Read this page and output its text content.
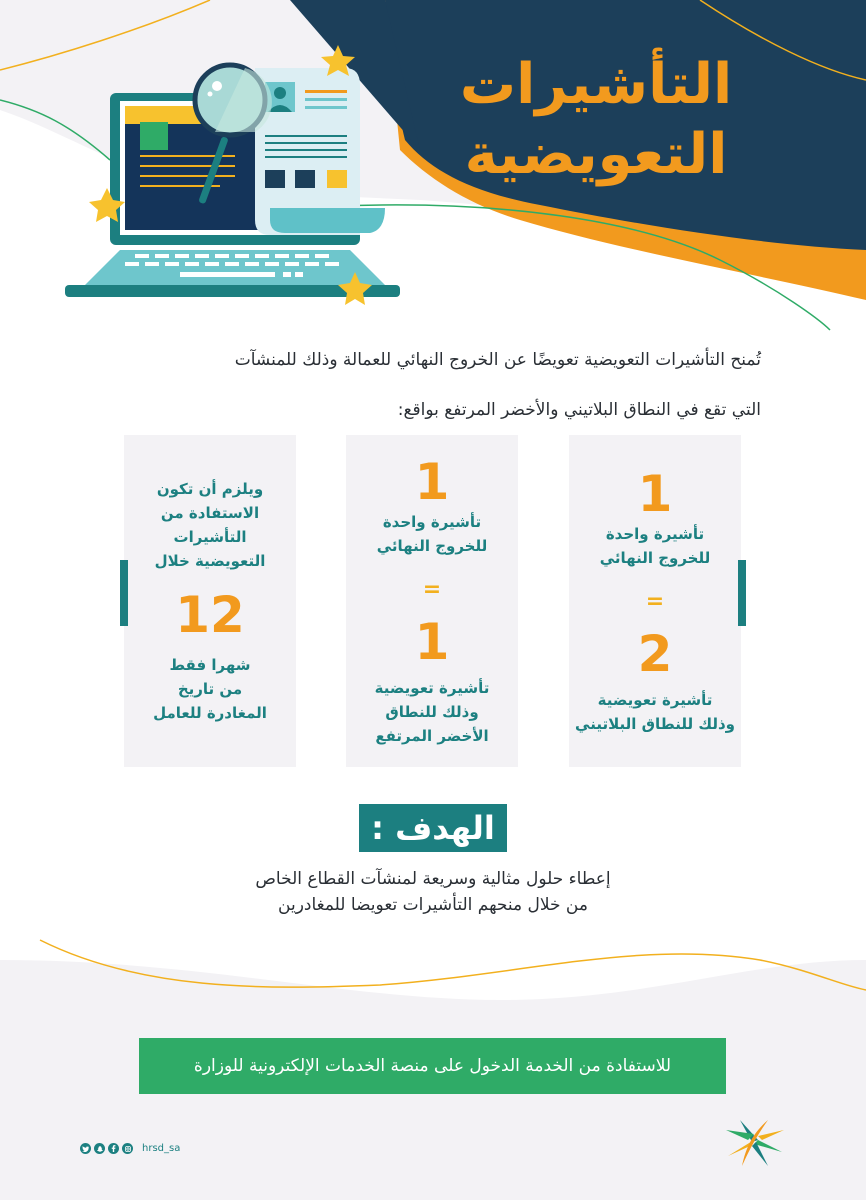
التأشيرات
التعويضية

تُمنح التأشيرات التعويضية تعويضًا عن الخروج النهائي للعمالة وذلك للمنشآت

التي تقع في النطاق البلاتيني والأخضر المرتفع بواقع:

1
تأشيرة واحدة
للخروج النهائي
=
2
تأشيرة تعويضية
وذلك للنطاق البلاتيني
1
تأشيرة واحدة
للخروج النهائي
=
1
تأشيرة تعويضية
وذلك للنطاق
الأخضر المرتفع
ويلزم أن تكون
الاستفادة من
التأشيرات
التعويضية خلال
12
شهرا فقط
من تاريخ
المغادرة للعامل
الهدف :

إعطاء حلول مثالية وسريعة لمنشآت القطاع الخاص

من خلال منحهم التأشيرات تعويضا للمغادرين

للاستفادة من الخدمة الدخول على منصة الخدمات الإلكترونية للوزارة
hrsd_sa
